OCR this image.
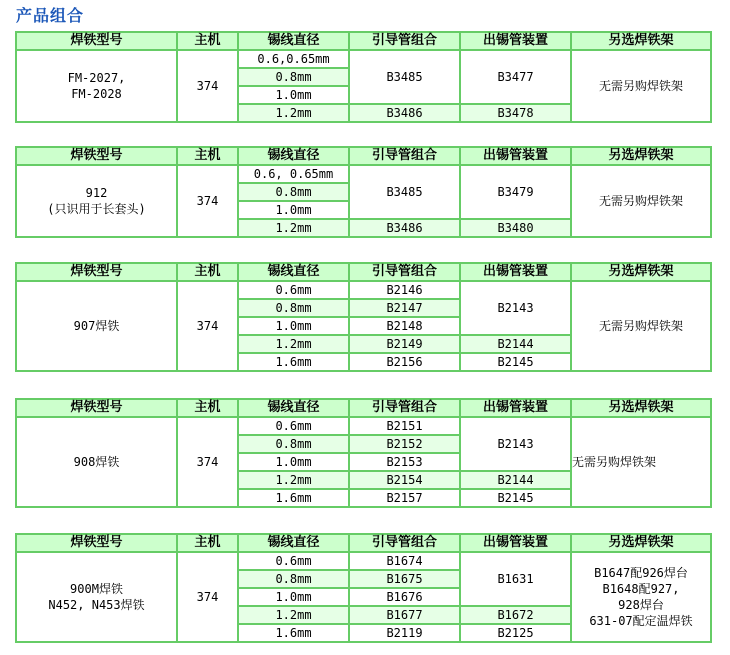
产品组合
焊铁型号	主机	锡线直径	引导管组合	出锡管装置	另选焊铁架
FM-2027,
FM-2028	374	0.6,0.65mm	B3485	B3477	无需另购焊铁架
		0.8mm			
		1.0mm			
		1.2mm	B3486	B3478	
焊铁型号	主机	锡线直径	引导管组合	出锡管装置	另选焊铁架
912
(只识用于长套头)	374	0.6, 0.65mm	B3485	B3479	无需另购焊铁架
		0.8mm			
		1.0mm			
		1.2mm	B3486	B3480	
焊铁型号	主机	锡线直径	引导管组合	出锡管装置	另选焊铁架
907焊铁	374	0.6mm	B2146	B2143	无需另购焊铁架
		0.8mm	B2147		
		1.0mm	B2148		
		1.2mm	B2149	B2144	
		1.6mm	B2156	B2145	
焊铁型号	主机	锡线直径	引导管组合	出锡管装置	另选焊铁架
908焊铁	374	0.6mm	B2151	B2143	无需另购焊铁架
		0.8mm	B2152		
		1.0mm	B2153		
		1.2mm	B2154	B2144	
		1.6mm	B2157	B2145	
焊铁型号	主机	锡线直径	引导管组合	出锡管装置	另选焊铁架
900M焊铁
N452, N453焊铁	374	0.6mm	B1674	B1631	B1647配926焊台
B1648配927,
928焊台
631-07配定温焊铁
		0.8mm	B1675		
		1.0mm	B1676		
		1.2mm	B1677	B1672	
		1.6mm	B2119	B2125	
